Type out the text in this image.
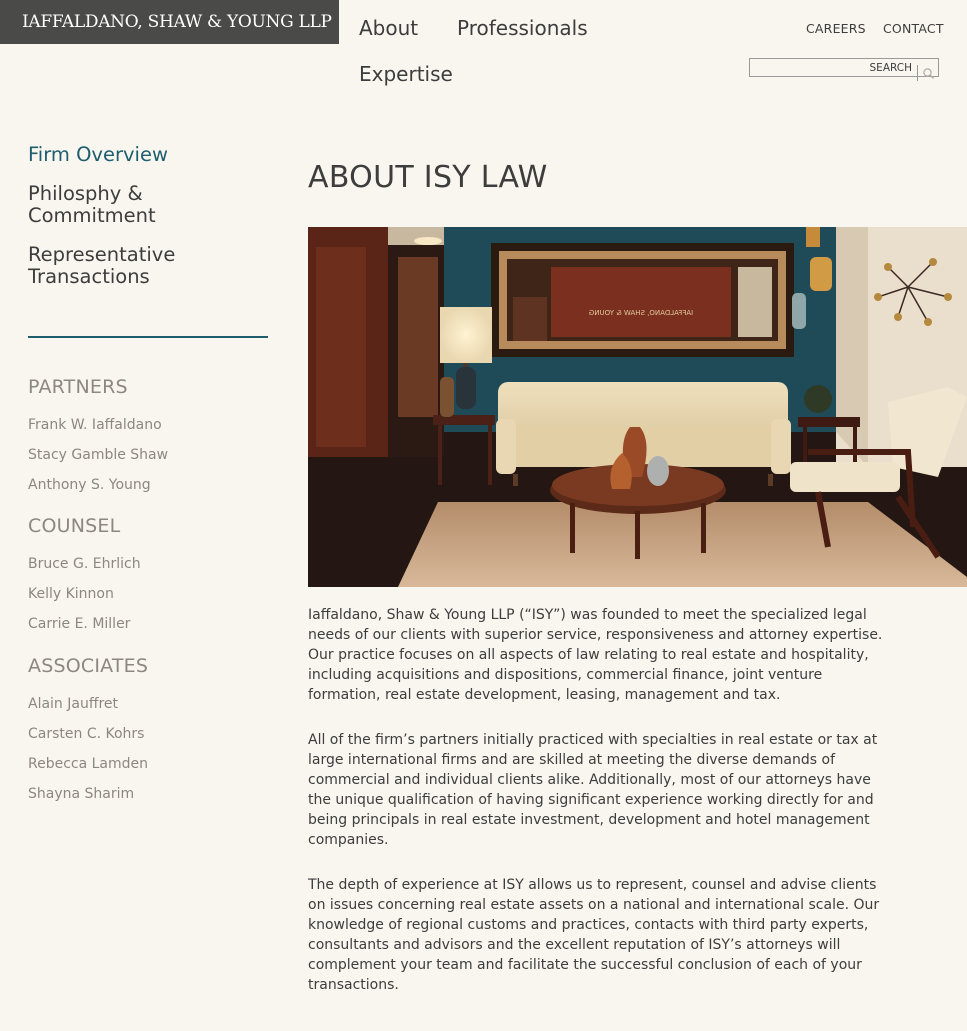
IAFFALDANO, SHAW & YOUNG LLP	About Professionals
Expertise
CAREERS CONTACT
SEARCH
Firm Overview
Philosphy &
Commitment
Representative
Transactions
PARTNERS
Frank W. Iaffaldano
Stacy Gamble Shaw
Anthony S. Young
COUNSEL
Bruce G. Ehrlich
Kelly Kinnon
Carrie E. Miller
ASSOCIATES
Alain Jauffret
Carsten C. Kohrs
Rebecca Lamden
Shayna Sharim
ABOUT ISY LAW
IAFFALDANO, SHAW & YOUNG

Iaffaldano, Shaw & Young LLP (“ISY”) was founded to meet the specialized legal needs of our clients with superior service, responsiveness and attorney expertise. Our practice focuses on all aspects of law relating to real estate and hospitality, including acquisitions and dispositions, commercial finance, joint venture formation, real estate development, leasing, management and tax.

All of the firm’s partners initially practiced with specialties in real estate or tax at large international firms and are skilled at meeting the diverse demands of commercial and individual clients alike. Additionally, most of our attorneys have the unique qualification of having significant experience working directly for and being principals in real estate investment, development and hotel management companies.

The depth of experience at ISY allows us to represent, counsel and advise clients on issues concerning real estate assets on a national and international scale. Our knowledge of regional customs and practices, contacts with third party experts, consultants and advisors and the excellent reputation of ISY’s attorneys will complement your team and facilitate the successful conclusion of each of your transactions.
